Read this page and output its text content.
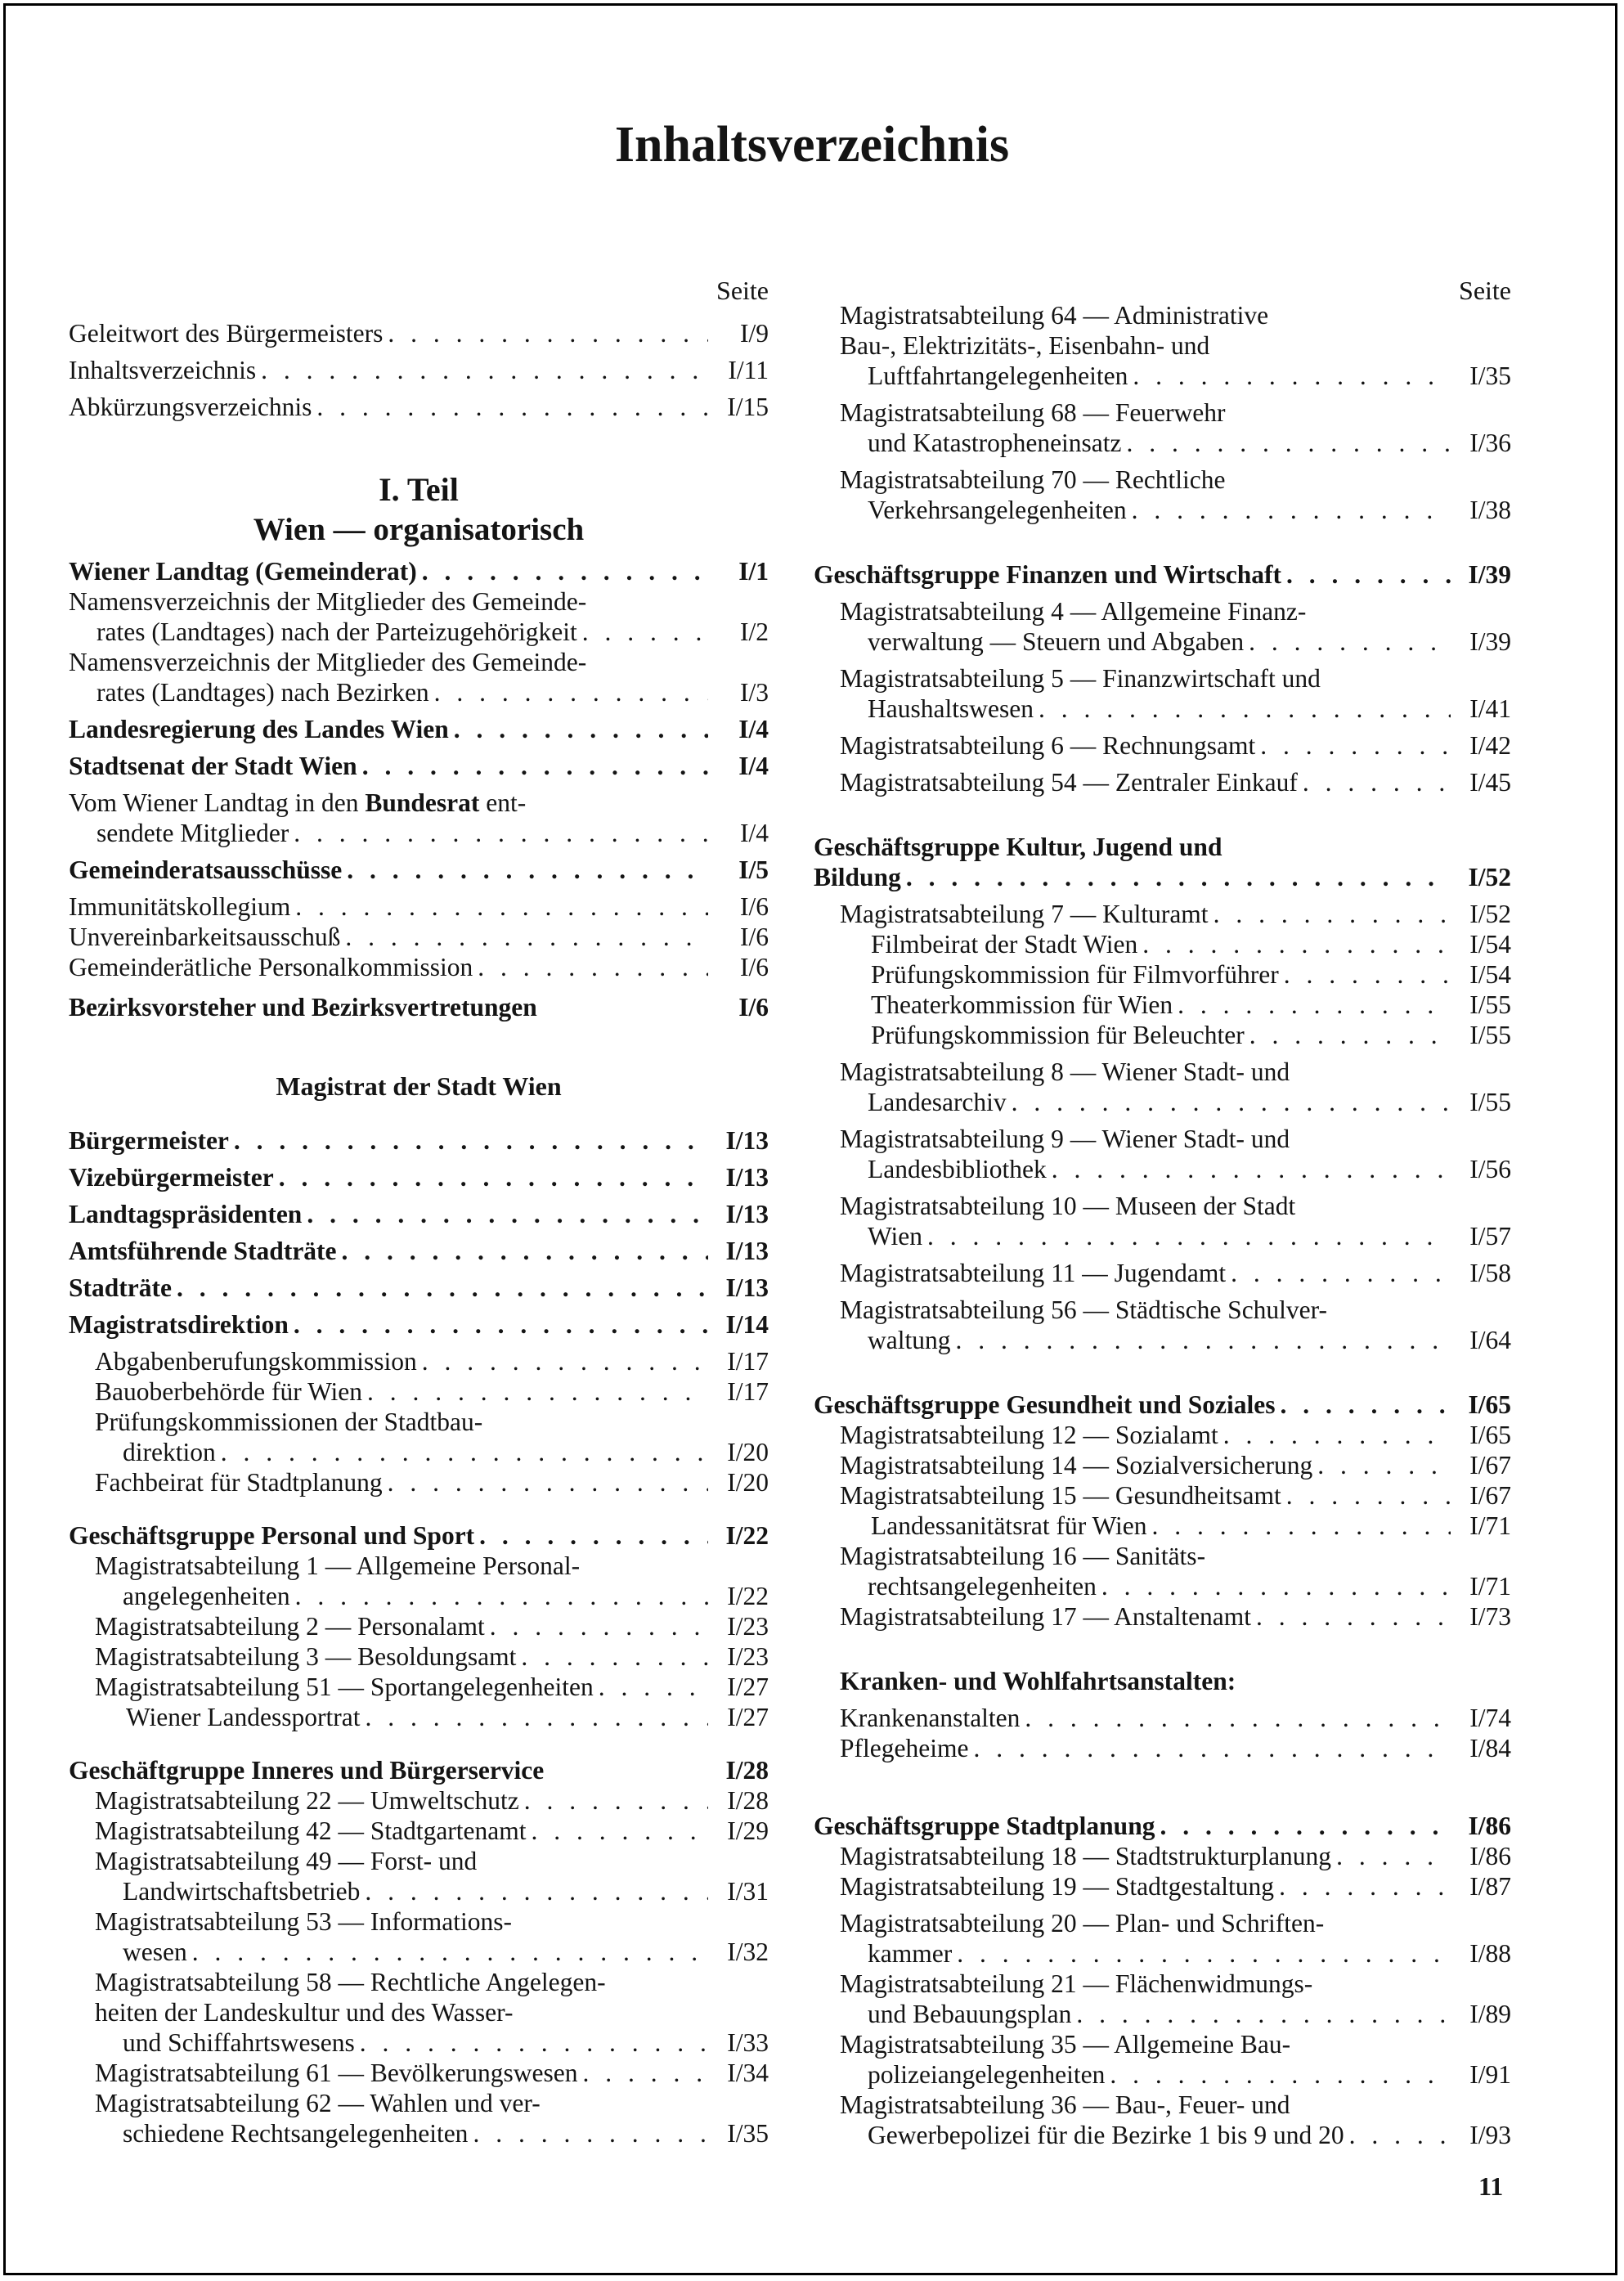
Inhaltsverzeichnis
Seite
Geleitwort des Bürgermeisters . . .	I/9
Inhaltsverzeichnis . . .	I/11
Abkürzungsverzeichnis . . .	I/15
I. Teil
Wien — organisatorisch
Wiener Landtag (Gemeinderat) . . .	I/1
Namensverzeichnis der Mitglieder des Gemeinde-
rates (Landtages) nach der Parteizugehörigkeit . . .	I/2
Namensverzeichnis der Mitglieder des Gemeinde-
rates (Landtages) nach Bezirken . . .	I/3
Landesregierung des Landes Wien . . .	I/4
Stadtsenat der Stadt Wien . . .	I/4
Vom Wiener Landtag in den Bundesrat ent-
sendete Mitglieder . . .	I/4
Gemeinderatsausschüsse . . .	I/5
Immunitätskollegium . . .	I/6
Unvereinbarkeitsausschuß . . .	I/6
Gemeinderätliche Personalkommission . . .	I/6
Bezirksvorsteher und Bezirksvertretungen	I/6
Magistrat der Stadt Wien
Bürgermeister . . .	I/13
Vizebürgermeister . . .	I/13
Landtagspräsidenten . . .	I/13
Amtsführende Stadträte . . .	I/13
Stadträte . . .	I/13
Magistratsdirektion . . .	I/14
Abgabenberufungskommission . . .	I/17
Bauoberbehörde für Wien . . .	I/17
Prüfungskommissionen der Stadtbau-
direktion . . .	I/20
Fachbeirat für Stadtplanung . . .	I/20
Geschäftsgruppe Personal und Sport . . .	I/22
Magistratsabteilung 1 — Allgemeine Personal-
angelegenheiten . . .	I/22
Magistratsabteilung 2 — Personalamt . . .	I/23
Magistratsabteilung 3 — Besoldungsamt . . .	I/23
Magistratsabteilung 51 — Sportangelegenheiten . . .	I/27
Wiener Landessportrat . . .	I/27
Geschäftgruppe Inneres und Bürgerservice	I/28
Magistratsabteilung 22 — Umweltschutz . . .	I/28
Magistratsabteilung 42 — Stadtgartenamt . . .	I/29
Magistratsabteilung 49 — Forst- und
Landwirtschaftsbetrieb . . .	I/31
Magistratsabteilung 53 — Informations-
wesen . . .	I/32
Magistratsabteilung 58 — Rechtliche Angelegen-
heiten der Landeskultur und des Wasser-
und Schiffahrtswesens . . .	I/33
Magistratsabteilung 61 — Bevölkerungswesen . . .	I/34
Magistratsabteilung 62 — Wahlen und ver-
schiedene Rechtsangelegenheiten . . .	I/35
Seite
Magistratsabteilung 64 — Administrative
Bau-, Elektrizitäts-, Eisenbahn- und
Luftfahrtangelegenheiten . . .	I/35
Magistratsabteilung 68 — Feuerwehr
und Katastropheneinsatz . . .	I/36
Magistratsabteilung 70 — Rechtliche
Verkehrsangelegenheiten . . .	I/38
Geschäftsgruppe Finanzen und Wirtschaft . . .	I/39
Magistratsabteilung 4 — Allgemeine Finanz-
verwaltung — Steuern und Abgaben . . .	I/39
Magistratsabteilung 5 — Finanzwirtschaft und
Haushaltswesen . . .	I/41
Magistratsabteilung 6 — Rechnungsamt . . .	I/42
Magistratsabteilung 54 — Zentraler Einkauf . . .	I/45
Geschäftsgruppe Kultur, Jugend und
Bildung . . .	I/52
Magistratsabteilung 7 — Kulturamt . . .	I/52
Filmbeirat der Stadt Wien . . .	I/54
Prüfungskommission für Filmvorführer . . .	I/54
Theaterkommission für Wien . . .	I/55
Prüfungskommission für Beleuchter . . .	I/55
Magistratsabteilung 8 — Wiener Stadt- und
Landesarchiv . . .	I/55
Magistratsabteilung 9 — Wiener Stadt- und
Landesbibliothek . . .	I/56
Magistratsabteilung 10 — Museen der Stadt
Wien . . .	I/57
Magistratsabteilung 11 — Jugendamt . . .	I/58
Magistratsabteilung 56 — Städtische Schulver-
waltung . . .	I/64
Geschäftsgruppe Gesundheit und Soziales . . .	I/65
Magistratsabteilung 12 — Sozialamt . . .	I/65
Magistratsabteilung 14 — Sozialversicherung . . .	I/67
Magistratsabteilung 15 — Gesundheitsamt . . .	I/67
Landessanitätsrat für Wien . . .	I/71
Magistratsabteilung 16 — Sanitäts-
rechtsangelegenheiten . . .	I/71
Magistratsabteilung 17 — Anstaltenamt . . .	I/73
Kranken- und Wohlfahrtsanstalten:
Krankenanstalten . . .	I/74
Pflegeheime . . .	I/84
Geschäftsgruppe Stadtplanung . . .	I/86
Magistratsabteilung 18 — Stadtstrukturplanung . . .	I/86
Magistratsabteilung 19 — Stadtgestaltung . . .	I/87
Magistratsabteilung 20 — Plan- und Schriften-
kammer . . .	I/88
Magistratsabteilung 21 — Flächenwidmungs-
und Bebauungsplan . . .	I/89
Magistratsabteilung 35 — Allgemeine Bau-
polizeiangelegenheiten . . .	I/91
Magistratsabteilung 36 — Bau-, Feuer- und
Gewerbepolizei für die Bezirke 1 bis 9 und 20 . . .	I/93
11
